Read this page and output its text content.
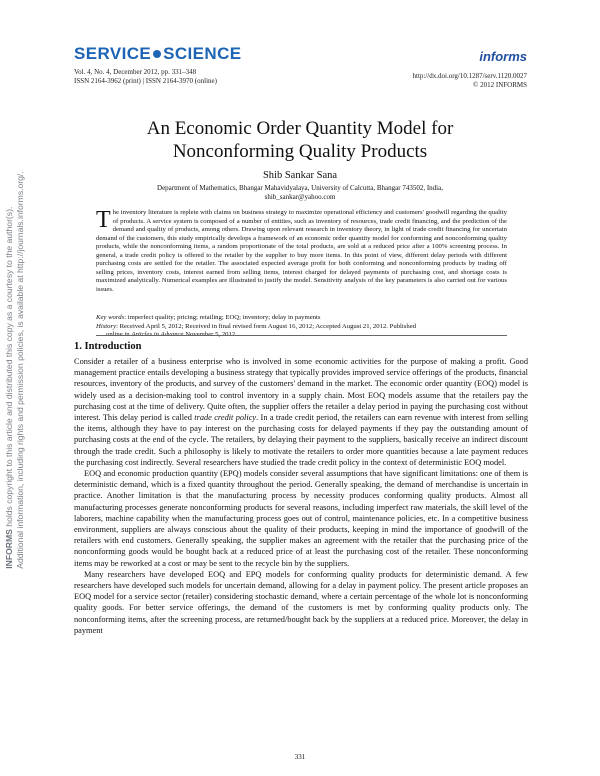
INFORMS holds copyright to this article and distributed this copy as a courtesy to the author(s). Additional information, including rights and permission policies, is available at http://journals.informs.org/.
SERVICE SCIENCE
Vol. 4, No. 4, December 2012, pp. 331–348
ISSN 2164-3962 (print) | ISSN 2164-3970 (online)
informs
http://dx.doi.org/10.1287/serv.1120.0027
© 2012 INFORMS
An Economic Order Quantity Model for
Nonconforming Quality Products
Shib Sankar Sana
Department of Mathematics, Bhangar Mahavidyalaya, University of Calcutta, Bhangar 743502, India,
shib_sankar@yahoo.com
The inventory literature is replete with claims on business strategy to maximize operational efficiency and customers' goodwill regarding the quality of products. A service system is composed of a number of entities, such as inventory of resources, trade credit financing, and the prediction of the demand and quality of products, among others. Drawing upon relevant research in inventory theory, in light of trade credit financing for uncertain demand of the customers, this study empirically develops a framework of an economic order quantity model for conforming and nonconforming quality products, while the nonconforming items, a random proportionate of the total products, are sold at a reduced price after a 100% screening process. In general, a trade credit policy is offered to the retailer by the supplier to buy more items. In this point of view, different delay periods with different purchasing costs are settled for the retailer. The associated expected average profit for both conforming and nonconforming products by trading off selling prices, inventory costs, interest earned from selling items, interest charged for delayed payments of purchasing cost, and shortage costs is maximized analytically. Numerical examples are illustrated to justify the model. Sensitivity analysis of the key parameters is also carried out for various issues.
Key words: imperfect quality; pricing; retailing; EOQ; inventory; delay in payments
History: Received April 5, 2012; Received in final revised form August 16, 2012; Accepted August 21, 2012. Published
online in Articles in Advance November 5, 2012.
1. Introduction

Consider a retailer of a business enterprise who is involved in some economic activities for the purpose of making a profit. Good management practice entails developing a business strategy that typically provides improved service offerings of the products, financial resources, inventory of the products, and survey of the customers' demand in the market. The economic order quantity (EOQ) model is widely used as a decision-making tool to control inventory in a supply chain. Most EOQ models assume that the retailers pay the purchasing cost at the time of delivery. Quite often, the supplier offers the retailer a delay period in paying the purchasing cost without interest. This delay period is called trade credit policy. In a trade credit period, the retailers can earn revenue with interest from selling the items, although they have to pay interest on the purchasing costs for delayed payments if they pay the outstanding amount of purchasing costs at the end of the cycle. The retailers, by delaying their payment to the suppliers, basically receive an indirect discount through the trade credit. Such a philosophy is likely to motivate the retailers to order more quantities because a late payment reduces the purchasing cost indirectly. Several researchers have studied the trade credit policy in the context of deterministic EOQ model.

EOQ and economic production quantity (EPQ) models consider several assumptions that have significant limitations: one of them is deterministic demand, which is a fixed quantity throughout the period. Generally speaking, the demand of merchandise is uncertain in practice. Another limitation is that the manufacturing process by necessity produces conforming quality products. Almost all manufacturing processes generate nonconforming products for several reasons, including imperfect raw materials, the skill level of the laborers, machine capability when the manufacturing process goes out of control, maintenance policies, etc. In a competitive business environment, suppliers are always conscious about the quality of their products, keeping in mind the importance of goodwill of the retailers with end customers. Generally speaking, the supplier makes an agreement with the retailer that the purchasing price of the nonconforming goods would be bought back at a reduced price of at least the purchasing cost of the retailer. These nonconforming items may be reworked at a cost or may be sent to the recycle bin by the suppliers.

Many researchers have developed EOQ and EPQ models for conforming quality products for deterministic demand. A few researchers have developed such models for uncertain demand, allowing for a delay in payment policy. The present article proposes an EOQ model for a service sector (retailer) considering stochastic demand, where a certain percentage of the whole lot is nonconforming quality goods. For better service offerings, the demand of the customers is met by conforming quality products only. The nonconforming items, after the screening process, are returned/bought back by the suppliers at a reduced price. Moreover, the delay in payment

331
